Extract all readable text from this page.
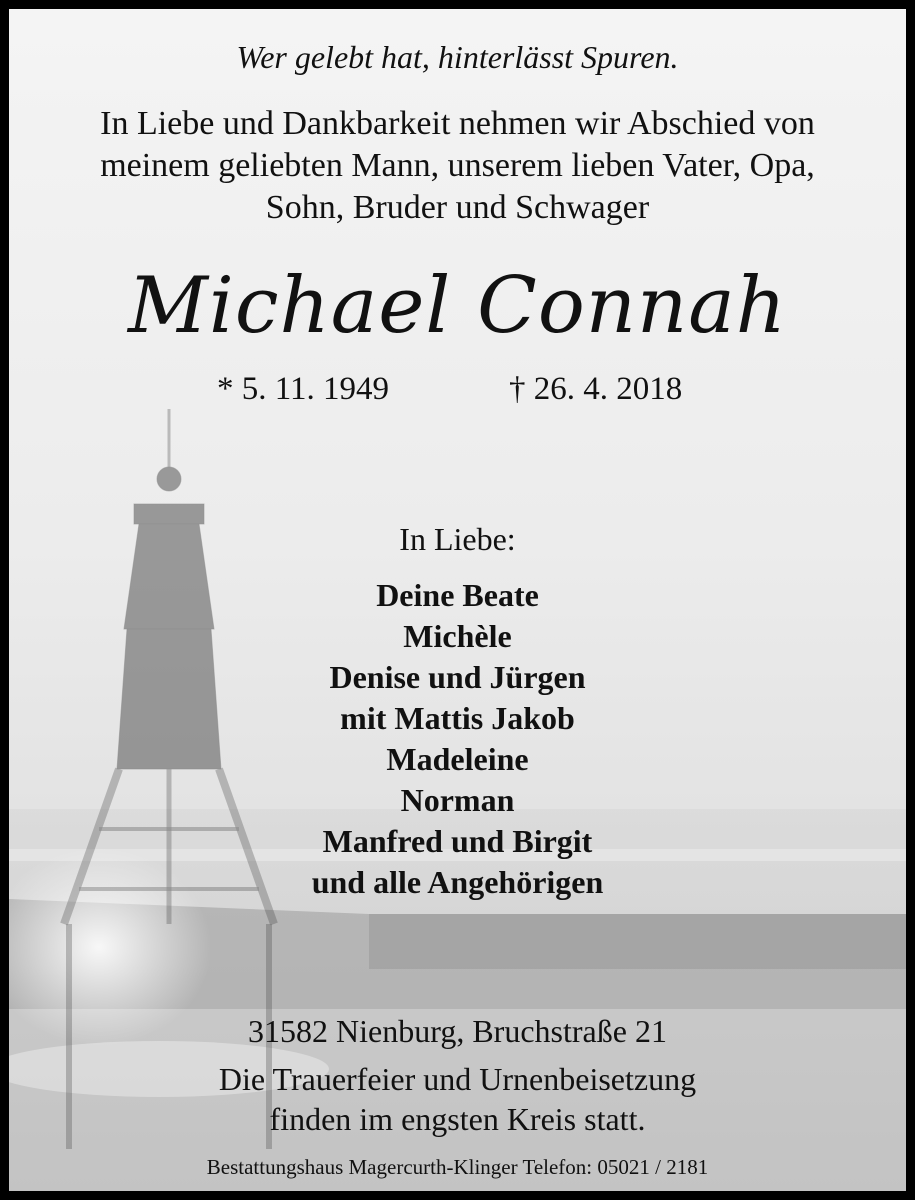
Wer gelebt hat, hinterlässt Spuren.
In Liebe und Dankbarkeit nehmen wir Abschied von
meinem geliebten Mann, unserem lieben Vater, Opa,
Sohn, Bruder und Schwager
Michael Connah
* 5. 11. 1949	† 26. 4. 2018
In Liebe:
Deine Beate
Michèle
Denise und Jürgen
mit Mattis Jakob
Madeleine
Norman
Manfred und Birgit
und alle Angehörigen
31582 Nienburg, Bruchstraße 21
Die Trauerfeier und Urnenbeisetzung
finden im engsten Kreis statt.
Bestattungshaus Magercurth-Klinger Telefon: 05021 / 2181
